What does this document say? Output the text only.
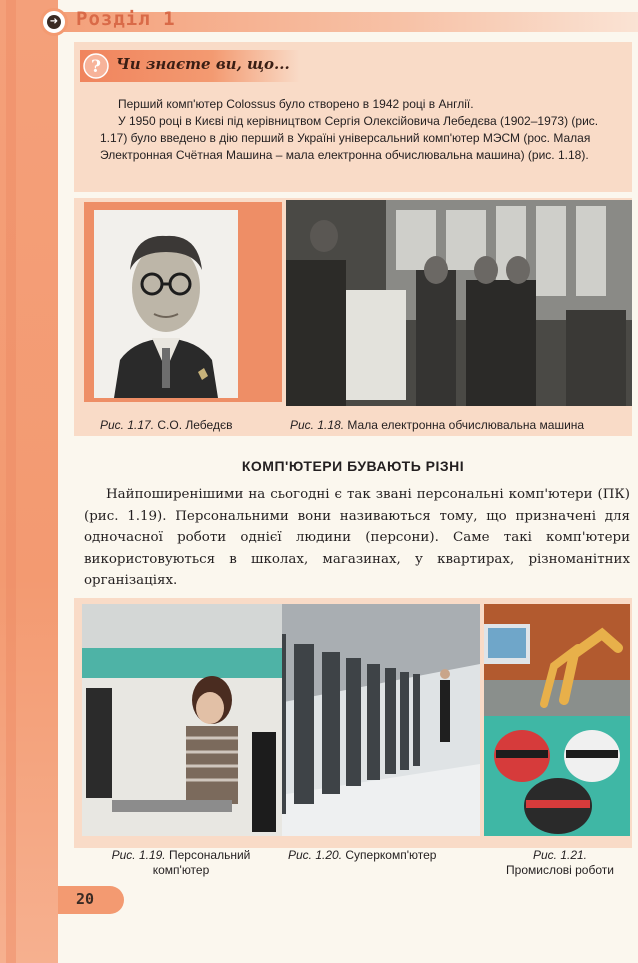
➜ Розділ 1
? Чи знаєте ви, що...

Перший комп'ютер Colossus було створено в 1942 році в Англії.

У 1950 році в Києві під керівництвом Сергія Олексійовича Лебедєва (1902–1973) (рис. 1.17) було введено в дію перший в Україні універсальний комп'ютер МЭСМ (рос. Малая Электронная Счётная Машина – мала електронна обчислювальна машина) (рис. 1.18).

Рис. 1.17. С.О. Лебедєв	Рис. 1.18. Мала електронна обчислювальна машина
КОМП'ЮТЕРИ БУВАЮТЬ РІЗНІ

Найпоширенішими на сьогодні є так звані персональні комп'ютери (ПК) (рис. 1.19). Персональними вони називаються тому, що призначені для одночасної роботи однієї людини (персони). Саме такі комп'ютери використовуються в школах, магазинах, у квартирах, різноманітних організаціях.

Рис. 1.19. Персональний комп'ютер
Рис. 1.20. Суперкомп'ютер	Рис. 1.21.
Промислові роботи
20
